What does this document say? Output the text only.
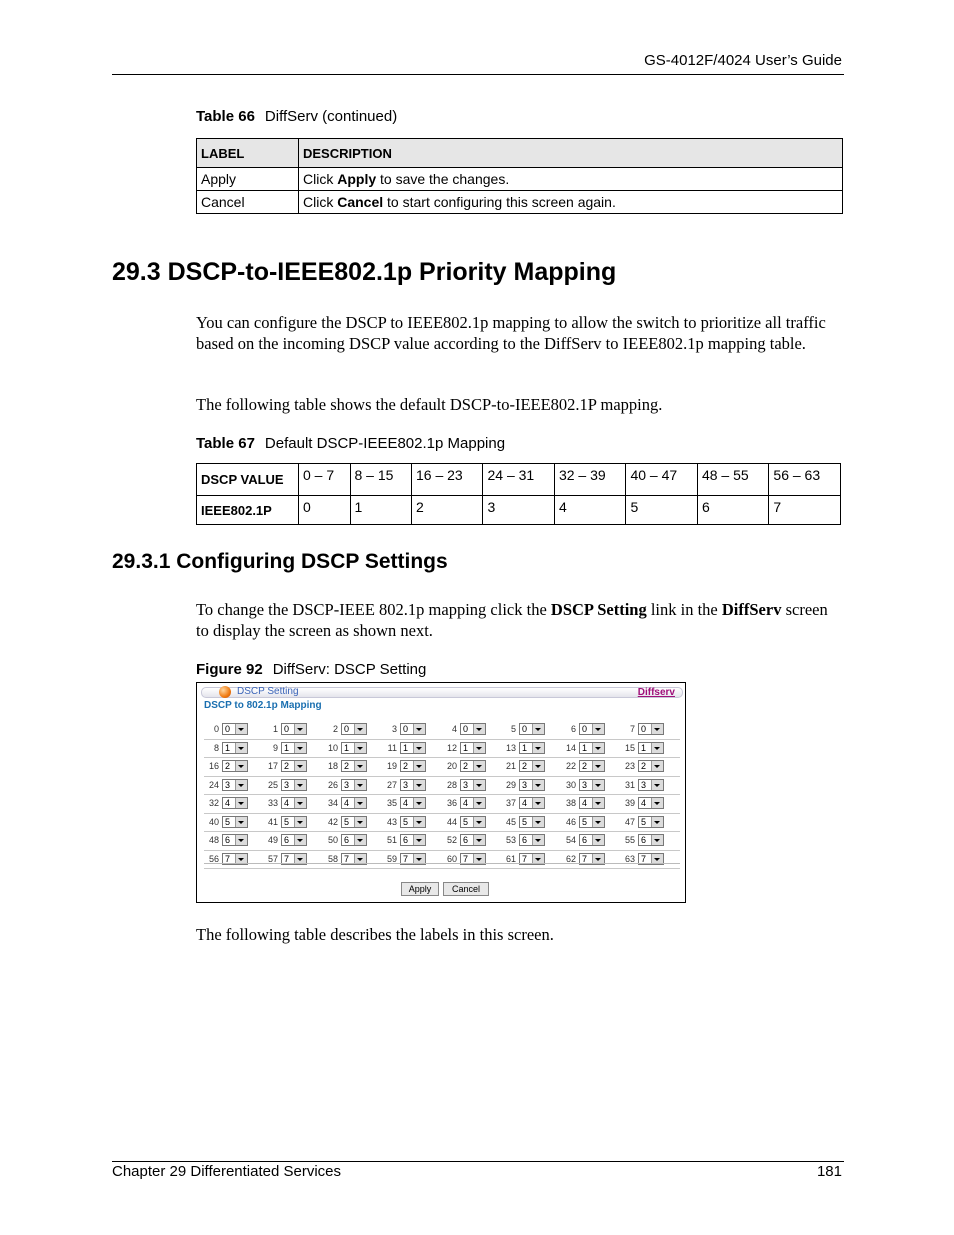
GS-4012F/4024 User’s Guide
Table 66 DiffServ (continued)
LABEL	DESCRIPTION
Apply	Click Apply to save the changes.
Cancel	Click Cancel to start configuring this screen again.
29.3 DSCP-to-IEEE802.1p Priority Mapping
You can configure the DSCP to IEEE802.1p mapping to allow the switch to prioritize all traffic based on the incoming DSCP value according to the DiffServ to IEEE802.1p mapping table.
The following table shows the default DSCP-to-IEEE802.1P mapping.
Table 67 Default DSCP-IEEE802.1p Mapping
DSCP VALUE	0 – 7	8 – 15	16 – 23	24 – 31	32 – 39	40 – 47	48 – 55	56 – 63
IEEE802.1P	0	1	2	3	4	5	6	7
29.3.1 Configuring DSCP Settings
To change the DSCP-IEEE 802.1p mapping click the DSCP Setting link in the DiffServ screen to display the screen as shown next.
Figure 92 DiffServ: DSCP Setting
DSCP Setting	Diffserv
DSCP to 802.1p Mapping
0 0	1 0	2 0	3 0	4 0	5 0	6 0	7 0
8 1	9 1	10 1	11 1	12 1	13 1	14 1	15 1
16 2	17 2	18 2	19 2	20 2	21 2	22 2	23 2
24 3	25 3	26 3	27 3	28 3	29 3	30 3	31 3
32 4	33 4	34 4	35 4	36 4	37 4	38 4	39 4
40 5	41 5	42 5	43 5	44 5	45 5	46 5	47 5
48 6	49 6	50 6	51 6	52 6	53 6	54 6	55 6
56 7	57 7	58 7	59 7	60 7	61 7	62 7	63 7
Apply	Cancel
The following table describes the labels in this screen.
Chapter 29 Differentiated Services	181
